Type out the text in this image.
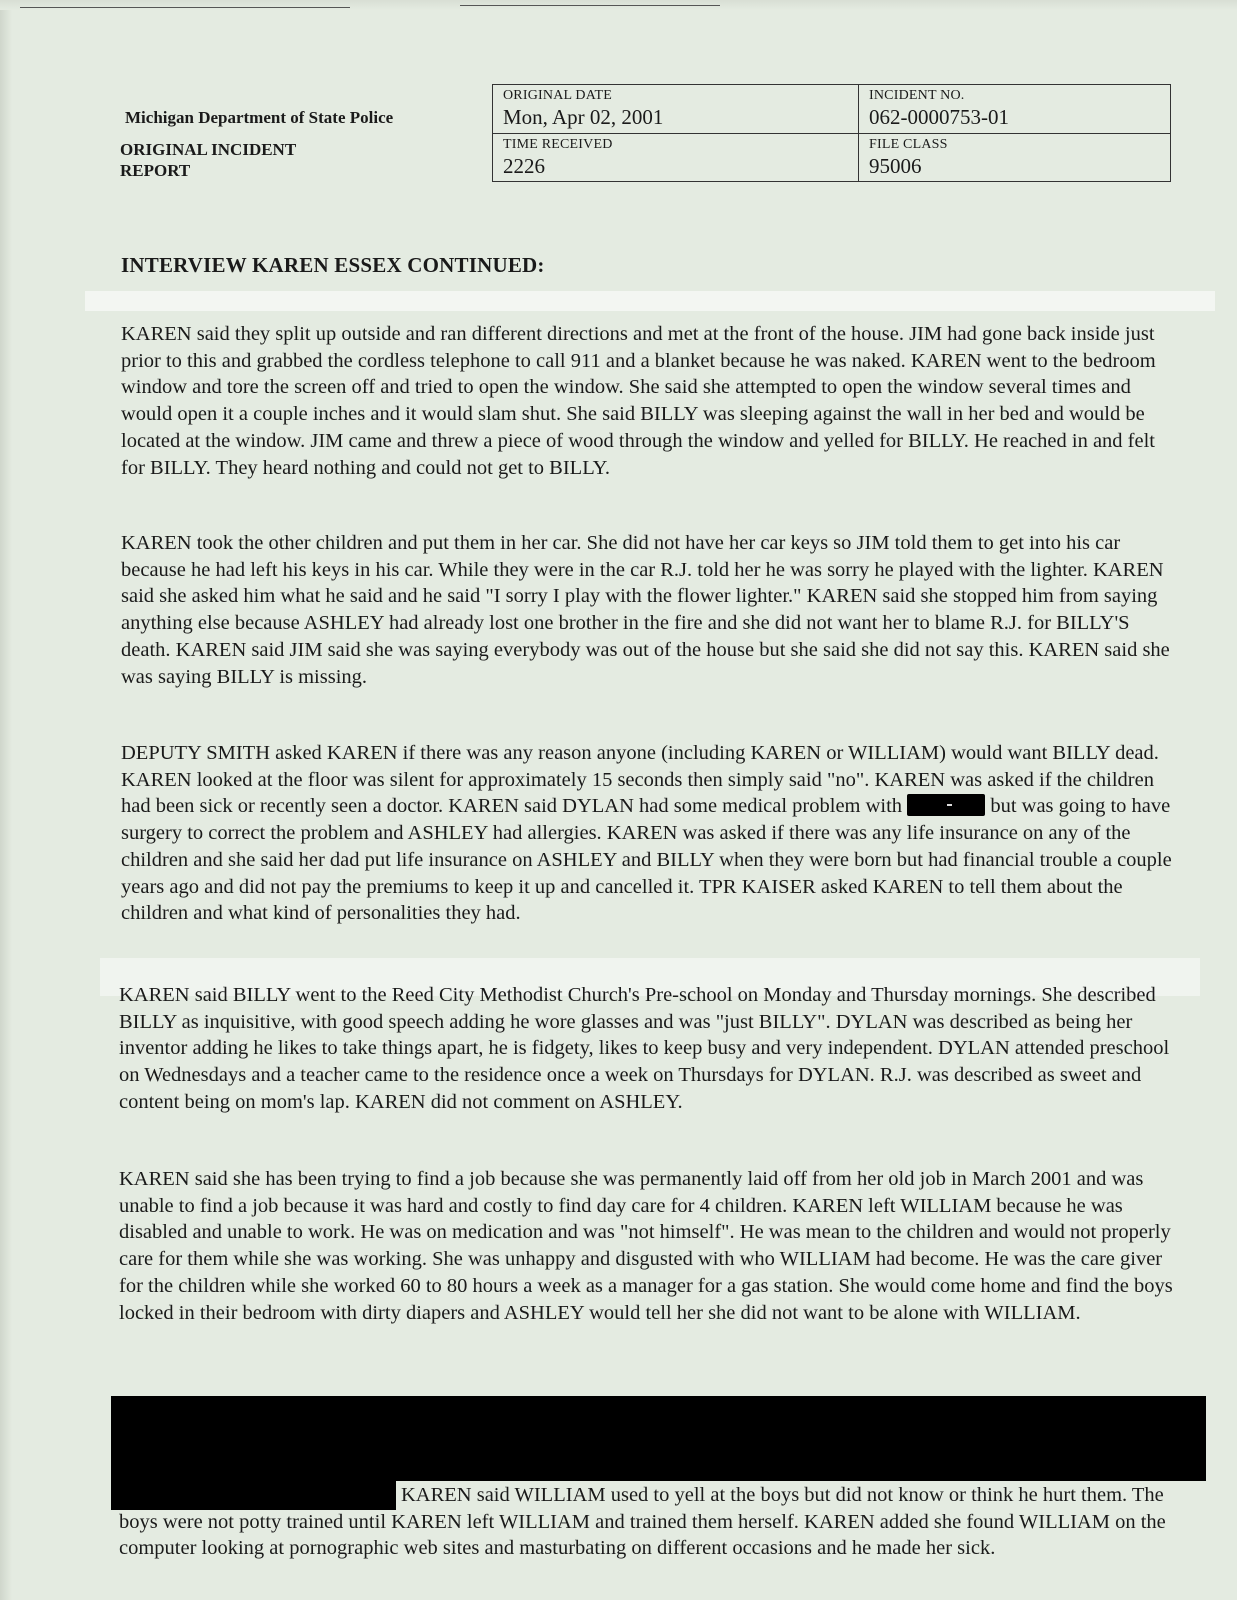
Michigan Department of State Police
ORIGINAL INCIDENT REPORT
ORIGINAL DATE
Mon, Apr 02, 2001
INCIDENT NO.
062-0000753-01
TIME RECEIVED
2226
FILE CLASS
95006
INTERVIEW KAREN ESSEX CONTINUED:

KAREN said they split up outside and ran different directions and met at the front of the house. JIM had gone back inside just prior to this and grabbed the cordless telephone to call 911 and a blanket because he was naked. KAREN went to the bedroom window and tore the screen off and tried to open the window. She said she attempted to open the window several times and would open it a couple inches and it would slam shut. She said BILLY was sleeping against the wall in her bed and would be located at the window. JIM came and threw a piece of wood through the window and yelled for BILLY. He reached in and felt for BILLY. They heard nothing and could not get to BILLY.

KAREN took the other children and put them in her car. She did not have her car keys so JIM told them to get into his car because he had left his keys in his car. While they were in the car R.J. told her he was sorry he played with the lighter. KAREN said she asked him what he said and he said "I sorry I play with the flower lighter." KAREN said she stopped him from saying anything else because ASHLEY had already lost one brother in the fire and she did not want her to blame R.J. for BILLY'S death. KAREN said JIM said she was saying everybody was out of the house but she said she did not say this. KAREN said she was saying BILLY is missing.

DEPUTY SMITH asked KAREN if there was any reason anyone (including KAREN or WILLIAM) would want BILLY dead. KAREN looked at the floor was silent for approximately 15 seconds then simply said "no". KAREN was asked if the children had been sick or recently seen a doctor. KAREN said DYLAN had some medical problem with	but was going to have surgery to correct the problem and ASHLEY had allergies. KAREN was asked if there was any life insurance on any of the children and she said her dad put life insurance on ASHLEY and BILLY when they were born but had financial trouble a couple years ago and did not pay the premiums to keep it up and cancelled it. TPR KAISER asked KAREN to tell them about the children and what kind of personalities they had.

KAREN said BILLY went to the Reed City Methodist Church's Pre-school on Monday and Thursday mornings. She described BILLY as inquisitive, with good speech adding he wore glasses and was "just BILLY". DYLAN was described as being her inventor adding he likes to take things apart, he is fidgety, likes to keep busy and very independent. DYLAN attended preschool on Wednesdays and a teacher came to the residence once a week on Thursdays for DYLAN. R.J. was described as sweet and content being on mom's lap. KAREN did not comment on ASHLEY.

KAREN said she has been trying to find a job because she was permanently laid off from her old job in March 2001 and was unable to find a job because it was hard and costly to find day care for 4 children. KAREN left WILLIAM because he was disabled and unable to work. He was on medication and was "not himself". He was mean to the children and would not properly care for them while she was working. She was unhappy and disgusted with who WILLIAM had become. He was the care giver for the children while she worked 60 to 80 hours a week as a manager for a gas station. She would come home and find the boys locked in their bedroom with dirty diapers and ASHLEY would tell her she did not want to be alone with WILLIAM.

KAREN said WILLIAM used to yell at the boys but did not know or think he hurt them. The boys were not potty trained until KAREN left WILLIAM and trained them herself. KAREN added she found WILLIAM on the computer looking at pornographic web sites and masturbating on different occasions and he made her sick.
